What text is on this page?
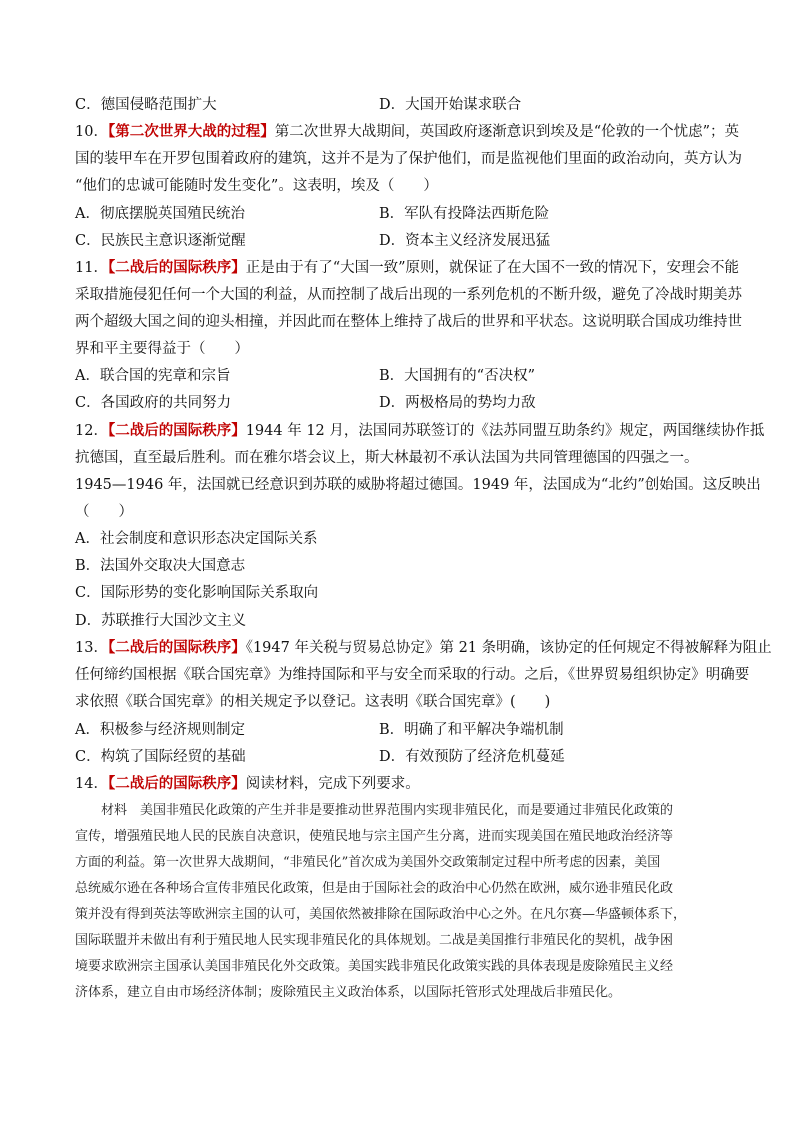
C．德国侵略范围扩大	D．大国开始谋求联合
10．【第二次世界大战的过程】第二次世界大战期间，英国政府逐渐意识到埃及是“伦敦的一个忧虑”；英
国的装甲车在开罗包围着政府的建筑，这并不是为了保护他们，而是监视他们里面的政治动向，英方认为
“他们的忠诚可能随时发生变化”。这表明，埃及（　　）
A．彻底摆脱英国殖民统治	B．军队有投降法西斯危险
C．民族民主意识逐渐觉醒	D．资本主义经济发展迅猛
11．【二战后的国际秩序】正是由于有了“大国一致”原则，就保证了在大国不一致的情况下，安理会不能
采取措施侵犯任何一个大国的利益，从而控制了战后出现的一系列危机的不断升级，避免了冷战时期美苏
两个超级大国之间的迎头相撞，并因此而在整体上维持了战后的世界和平状态。这说明联合国成功维持世
界和平主要得益于（　　）
A．联合国的宪章和宗旨	B．大国拥有的“否决权”
C．各国政府的共同努力	D．两极格局的势均力敌
12．【二战后的国际秩序】1944 年 12 月，法国同苏联签订的《法苏同盟互助条约》规定，两国继续协作抵
抗德国，直至最后胜利。而在雅尔塔会议上，斯大林最初不承认法国为共同管理德国的四强之一。
1945—1946 年，法国就已经意识到苏联的威胁将超过德国。1949 年，法国成为“北约”创始国。这反映出
（　　）
A．社会制度和意识形态决定国际关系
B．法国外交取决大国意志
C．国际形势的变化影响国际关系取向
D．苏联推行大国沙文主义
13．【二战后的国际秩序】《1947 年关税与贸易总协定》第 21 条明确，该协定的任何规定不得被解释为阻止
任何缔约国根据《联合国宪章》为维持国际和平与安全而采取的行动。之后，《世界贸易组织协定》明确要
求依照《联合国宪章》的相关规定予以登记。这表明《联合国宪章》(　　)
A．积极参与经济规则制定	B．明确了和平解决争端机制
C．构筑了国际经贸的基础	D．有效预防了经济危机蔓延
14．【二战后的国际秩序】阅读材料，完成下列要求。

　　材料　美国非殖民化政策的产生并非是要推动世界范围内实现非殖民化，而是要通过非殖民化政策的

宣传，增强殖民地人民的民族自决意识，使殖民地与宗主国产生分离，进而实现美国在殖民地政治经济等

方面的利益。第一次世界大战期间，“非殖民化”首次成为美国外交政策制定过程中所考虑的因素，美国

总统威尔逊在各种场合宣传非殖民化政策，但是由于国际社会的政治中心仍然在欧洲，威尔逊非殖民化政

策并没有得到英法等欧洲宗主国的认可，美国依然被排除在国际政治中心之外。在凡尔赛—华盛顿体系下，

国际联盟并未做出有利于殖民地人民实现非殖民化的具体规划。二战是美国推行非殖民化的契机，战争困

境要求欧洲宗主国承认美国非殖民化外交政策。美国实践非殖民化政策实践的具体表现是废除殖民主义经

济体系，建立自由市场经济体制；废除殖民主义政治体系，以国际托管形式处理战后非殖民化。
